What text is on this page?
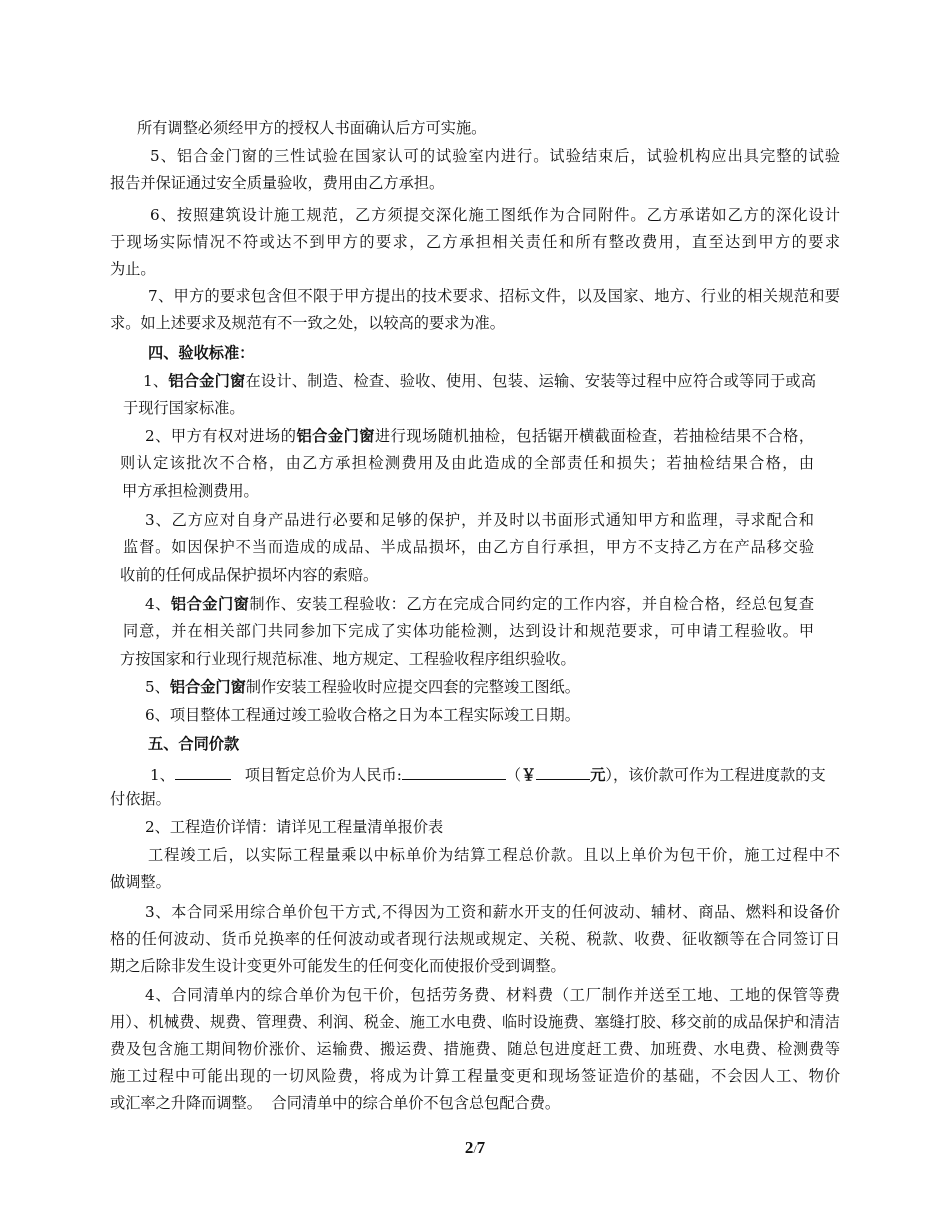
所有调整必须经甲方的授权人书面确认后方可实施。
5、铝合金门窗的三性试验在国家认可的试验室内进行。试验结束后，试验机构应出具完整的试验
报告并保证通过安全质量验收，费用由乙方承担。
6、按照建筑设计施工规范，乙方须提交深化施工图纸作为合同附件。乙方承诺如乙方的深化设计
于现场实际情况不符或达不到甲方的要求，乙方承担相关责任和所有整改费用，直至达到甲方的要求
为止。
7、甲方的要求包含但不限于甲方提出的技术要求、招标文件，以及国家、地方、行业的相关规范和要
求。如上述要求及规范有不一致之处，以较高的要求为准。
四、验收标准：
1、铝合金门窗在设计、制造、检查、验收、使用、包装、运输、安装等过程中应符合或等同于或高
于现行国家标准。
2、甲方有权对进场的铝合金门窗进行现场随机抽检，包括锯开横截面检查，若抽检结果不合格，
则认定该批次不合格，由乙方承担检测费用及由此造成的全部责任和损失；若抽检结果合格，由
甲方承担检测费用。
3、乙方应对自身产品进行必要和足够的保护，并及时以书面形式通知甲方和监理，寻求配合和
监督。如因保护不当而造成的成品、半成品损坏，由乙方自行承担，甲方不支持乙方在产品移交验
收前的任何成品保护损坏内容的索赔。
4、铝合金门窗制作、安装工程验收：乙方在完成合同约定的工作内容，并自检合格，经总包复查
同意，并在相关部门共同参加下完成了实体功能检测，达到设计和规范要求，可申请工程验收。甲
方按国家和行业现行规范标准、地方规定、工程验收程序组织验收。
5、铝合金门窗制作安装工程验收时应提交四套的完整竣工图纸。
6、项目整体工程通过竣工验收合格之日为本工程实际竣工日期。
五、合同价款
1、	项目暂定总价为人民币:	（￥	元），该价款可作为工程进度款的支
付依据。
2、工程造价详情：请详见工程量清单报价表
工程竣工后，以实际工程量乘以中标单价为结算工程总价款。且以上单价为包干价，施工过程中不
做调整。
3、本合同采用综合单价包干方式,不得因为工资和薪水开支的任何波动、辅材、商品、燃料和设备价
格的任何波动、货币兑换率的任何波动或者现行法规或规定、关税、税款、收费、征收额等在合同签订日
期之后除非发生设计变更外可能发生的任何变化而使报价受到调整。
4、合同清单内的综合单价为包干价，包括劳务费、材料费（工厂制作并送至工地、工地的保管等费
用）、机械费、规费、管理费、利润、税金、施工水电费、临时设施费、塞缝打胶、移交前的成品保护和清洁
费及包含施工期间物价涨价、运输费、搬运费、措施费、随总包进度赶工费、加班费、水电费、检测费等
施工过程中可能出现的一切风险费，将成为计算工程量变更和现场签证造价的基础，不会因人工、物价
或汇率之升降而调整。  合同清单中的综合单价不包含总包配合费。
2/7
